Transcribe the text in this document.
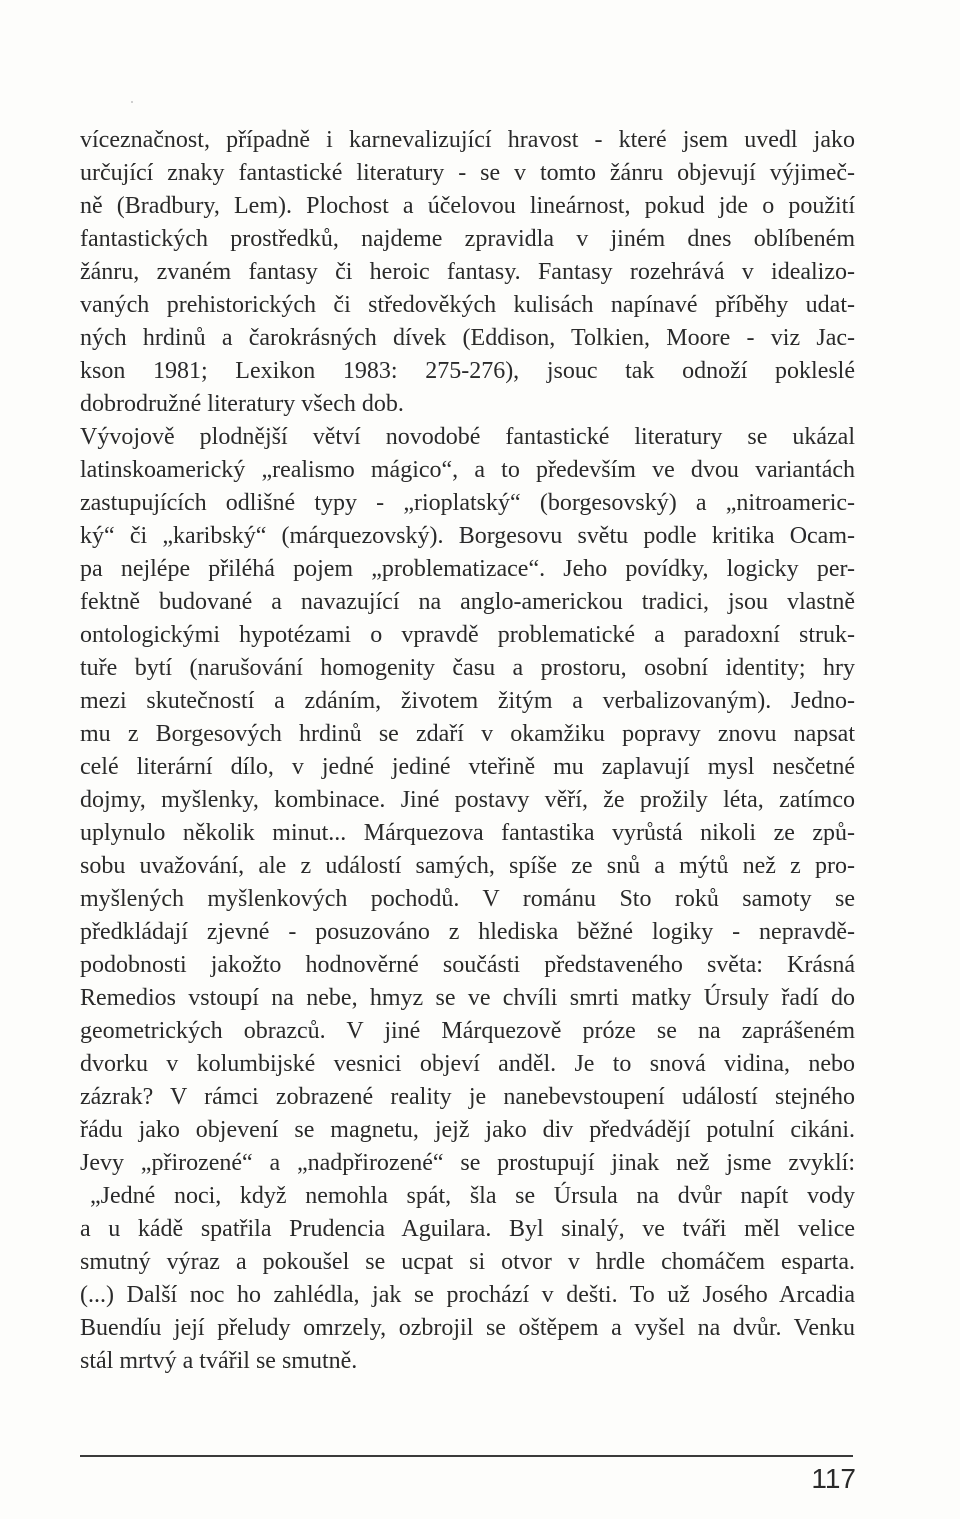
víceznačnost, případně i karnevalizující hravost - které jsem uvedl jako
určující znaky fantastické literatury - se v tomto žánru objevují výjimeč-
ně (Bradbury, Lem). Plochost a účelovou lineárnost, pokud jde o použití
fantastických prostředků, najdeme zpravidla v jiném dnes oblíbeném
žánru, zvaném fantasy či heroic fantasy. Fantasy rozehrává v idealizo-
vaných prehistorických či středověkých kulisách napínavé příběhy udat-
ných hrdinů a čarokrásných dívek (Eddison, Tolkien, Moore - viz Jac-
kson 1981; Lexikon 1983: 275-276), jsouc tak odnoží pokleslé
dobrodružné literatury všech dob.
Vývojově plodnější větví novodobé fantastické literatury se ukázal
latinskoamerický „realismo mágico“, a to především ve dvou variantách
zastupujících odlišné typy - „rioplatský“ (borgesovský) a „nitroameric-
ký“ či „karibský“ (márquezovský). Borgesovu světu podle kritika Ocam-
pa nejlépe přiléhá pojem „problematizace“. Jeho povídky, logicky per-
fektně budované a navazující na anglo-americkou tradici, jsou vlastně
ontologickými hypotézami o vpravdě problematické a paradoxní struk-
tuře bytí (narušování homogenity času a prostoru, osobní identity; hry
mezi skutečností a zdáním, životem žitým a verbalizovaným). Jedno-
mu z Borgesových hrdinů se zdaří v okamžiku popravy znovu napsat
celé literární dílo, v jedné jediné vteřině mu zaplavují mysl nesčetné
dojmy, myšlenky, kombinace. Jiné postavy věří, že prožily léta, zatímco
uplynulo několik minut... Márquezova fantastika vyrůstá nikoli ze způ-
sobu uvažování, ale z událostí samých, spíše ze snů a mýtů než z pro-
myšlených myšlenkových pochodů. V románu Sto roků samoty se
předkládají zjevné - posuzováno z hlediska běžné logiky - nepravdě-
podobnosti jakožto hodnověrné součásti představeného světa: Krásná
Remedios vstoupí na nebe, hmyz se ve chvíli smrti matky Úrsuly řadí do
geometrických obrazců. V jiné Márquezově próze se na zaprášeném
dvorku v kolumbijské vesnici objeví anděl. Je to snová vidina, nebo
zázrak? V rámci zobrazené reality je nanebevstoupení událostí stejného
řádu jako objevení se magnetu, jejž jako div předvádějí potulní cikáni.
Jevy „přirozené“ a „nadpřirozené“ se prostupují jinak než jsme zvyklí:
„Jedné noci, když nemohla spát, šla se Úrsula na dvůr napít vody
a u kádě spatřila Prudencia Aguilara. Byl sinalý, ve tváři měl velice
smutný výraz a pokoušel se ucpat si otvor v hrdle chomáčem esparta.
(...) Další noc ho zahlédla, jak se prochází v dešti. To už Josého Arcadia
Buendíu její přeludy omrzely, ozbrojil se oštěpem a vyšel na dvůr. Venku
stál mrtvý a tvářil se smutně.
117
